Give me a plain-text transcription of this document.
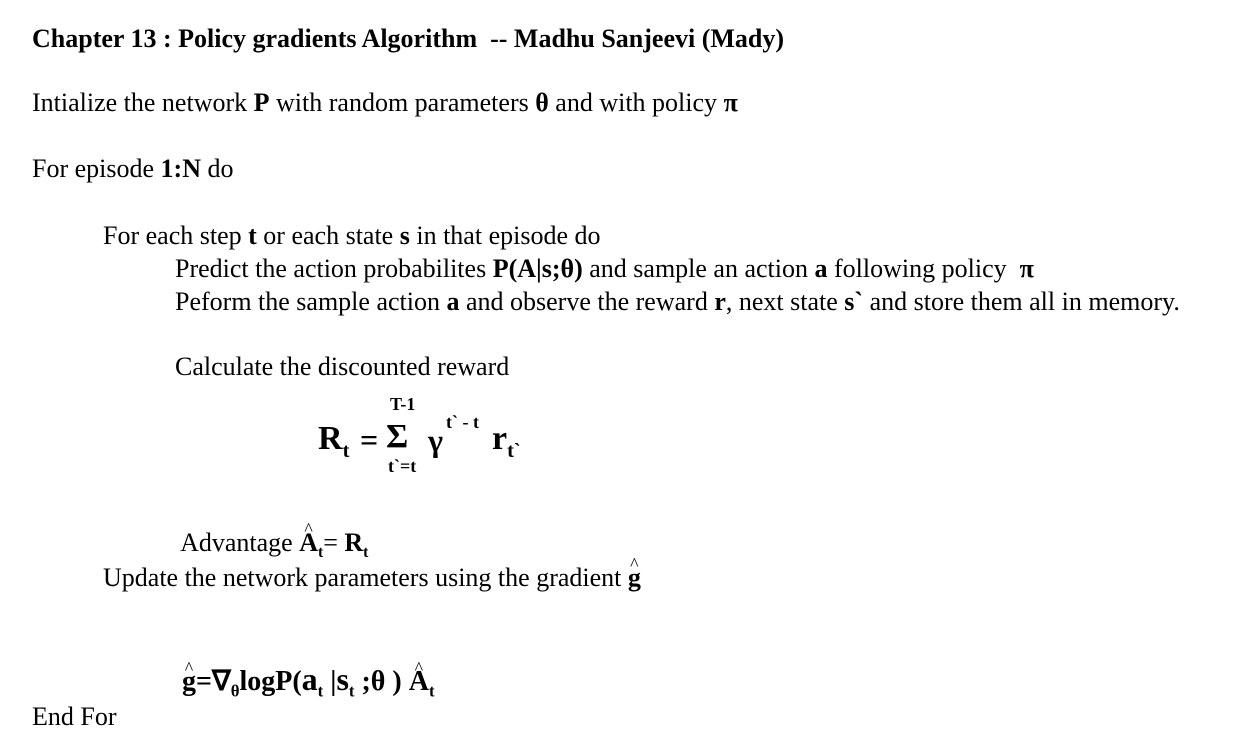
Chapter 13 : Policy gradients Algorithm  -- Madhu Sanjeevi (Mady)
Intialize the network P with random parameters θ and with policy π
For episode 1:N do
For each step t or each state s in that episode do
Predict the action probabilites P(A|s;θ) and sample an action a following policy  π
Peform the sample action a and observe the reward r, next state s` and store them all in memory.
Calculate the discounted reward
$R_t$ =
T-1
Σ
t`=t
γ t` - t $r_{t`}$

Advantage ^ $A_t= R_t$

Update the network parameters using the gradient ^ g

^ $g=\nabla_\theta\log P(a_t$ $|s_t$ ;θ ) ^ $A_t$

End For
